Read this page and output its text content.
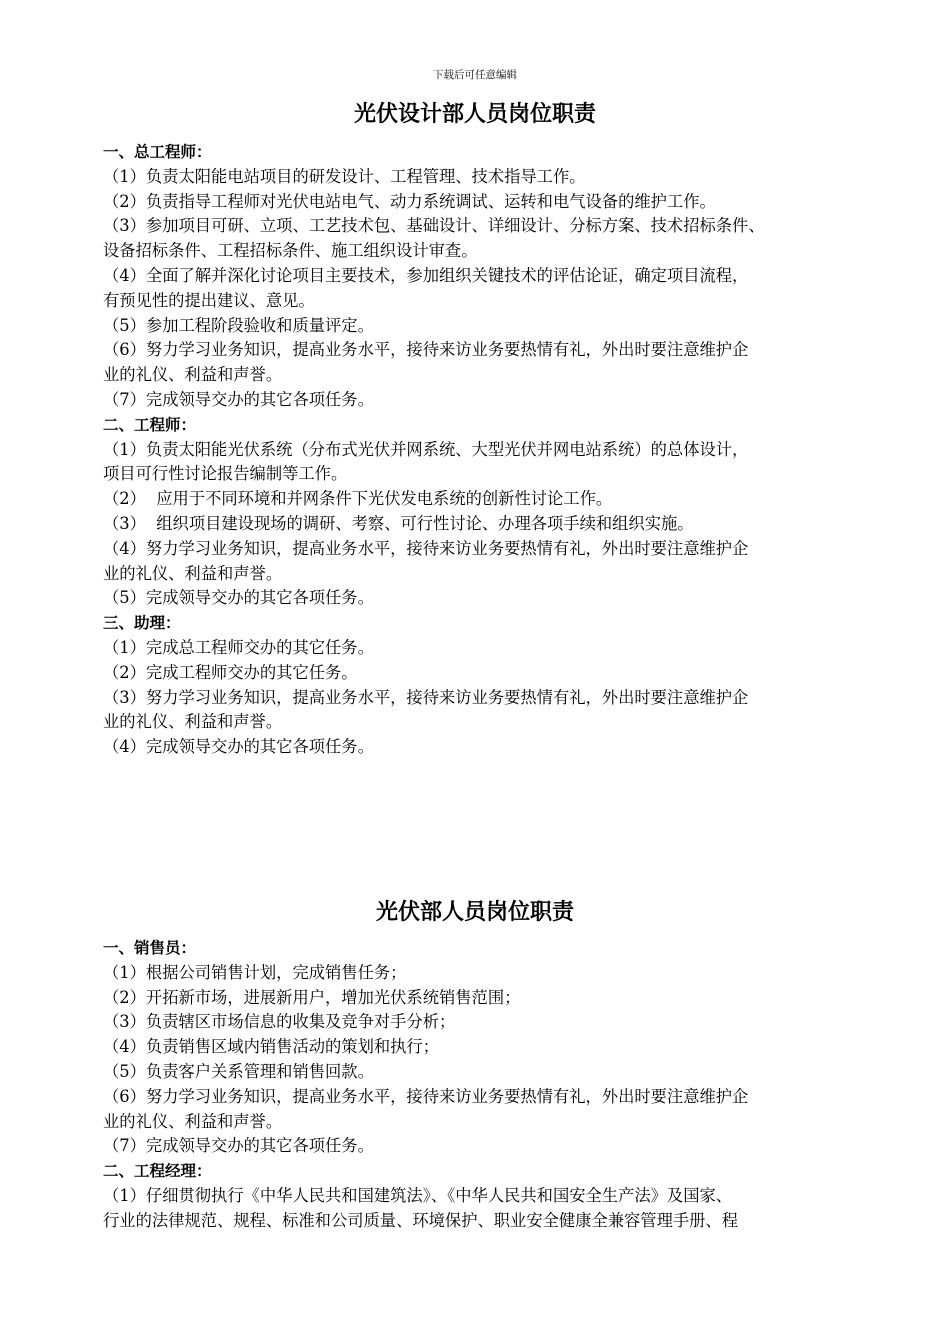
下载后可任意编辑
光伏设计部人员岗位职责
一、总工程师：
（1）负责太阳能电站项目的研发设计、工程管理、技术指导工作。
（2）负责指导工程师对光伏电站电气、动力系统调试、运转和电气设备的维护工作。
（3）参加项目可研、立项、工艺技术包、基础设计、详细设计、分标方案、技术招标条件、
设备招标条件、工程招标条件、施工组织设计审查。
（4）全面了解并深化讨论项目主要技术，参加组织关键技术的评估论证，确定项目流程，
有预见性的提出建议、意见。
（5）参加工程阶段验收和质量评定。
（6）努力学习业务知识，提高业务水平，接待来访业务要热情有礼，外出时要注意维护企
业的礼仪、利益和声誉。
（7）完成领导交办的其它各项任务。
二、工程师：
（1）负责太阳能光伏系统（分布式光伏并网系统、大型光伏并网电站系统）的总体设计，
项目可行性讨论报告编制等工作。
（2）  应用于不同环境和并网条件下光伏发电系统的创新性讨论工作。
（3）  组织项目建设现场的调研、考察、可行性讨论、办理各项手续和组织实施。
（4）努力学习业务知识，提高业务水平，接待来访业务要热情有礼，外出时要注意维护企
业的礼仪、利益和声誉。
（5）完成领导交办的其它各项任务。
三、助理：
（1）完成总工程师交办的其它任务。
（2）完成工程师交办的其它任务。
（3）努力学习业务知识，提高业务水平，接待来访业务要热情有礼，外出时要注意维护企
业的礼仪、利益和声誉。
（4）完成领导交办的其它各项任务。
光伏部人员岗位职责
一、销售员：
（1）根据公司销售计划，完成销售任务；
（2）开拓新市场，进展新用户，增加光伏系统销售范围；
（3）负责辖区市场信息的收集及竞争对手分析；
（4）负责销售区域内销售活动的策划和执行；
（5）负责客户关系管理和销售回款。
（6）努力学习业务知识，提高业务水平，接待来访业务要热情有礼，外出时要注意维护企
业的礼仪、利益和声誉。
（7）完成领导交办的其它各项任务。
二、工程经理：
（1）仔细贯彻执行《中华人民共和国建筑法》、《中华人民共和国安全生产法》及国家、
行业的法律规范、规程、标准和公司质量、环境保护、职业安全健康全兼容管理手册、程
